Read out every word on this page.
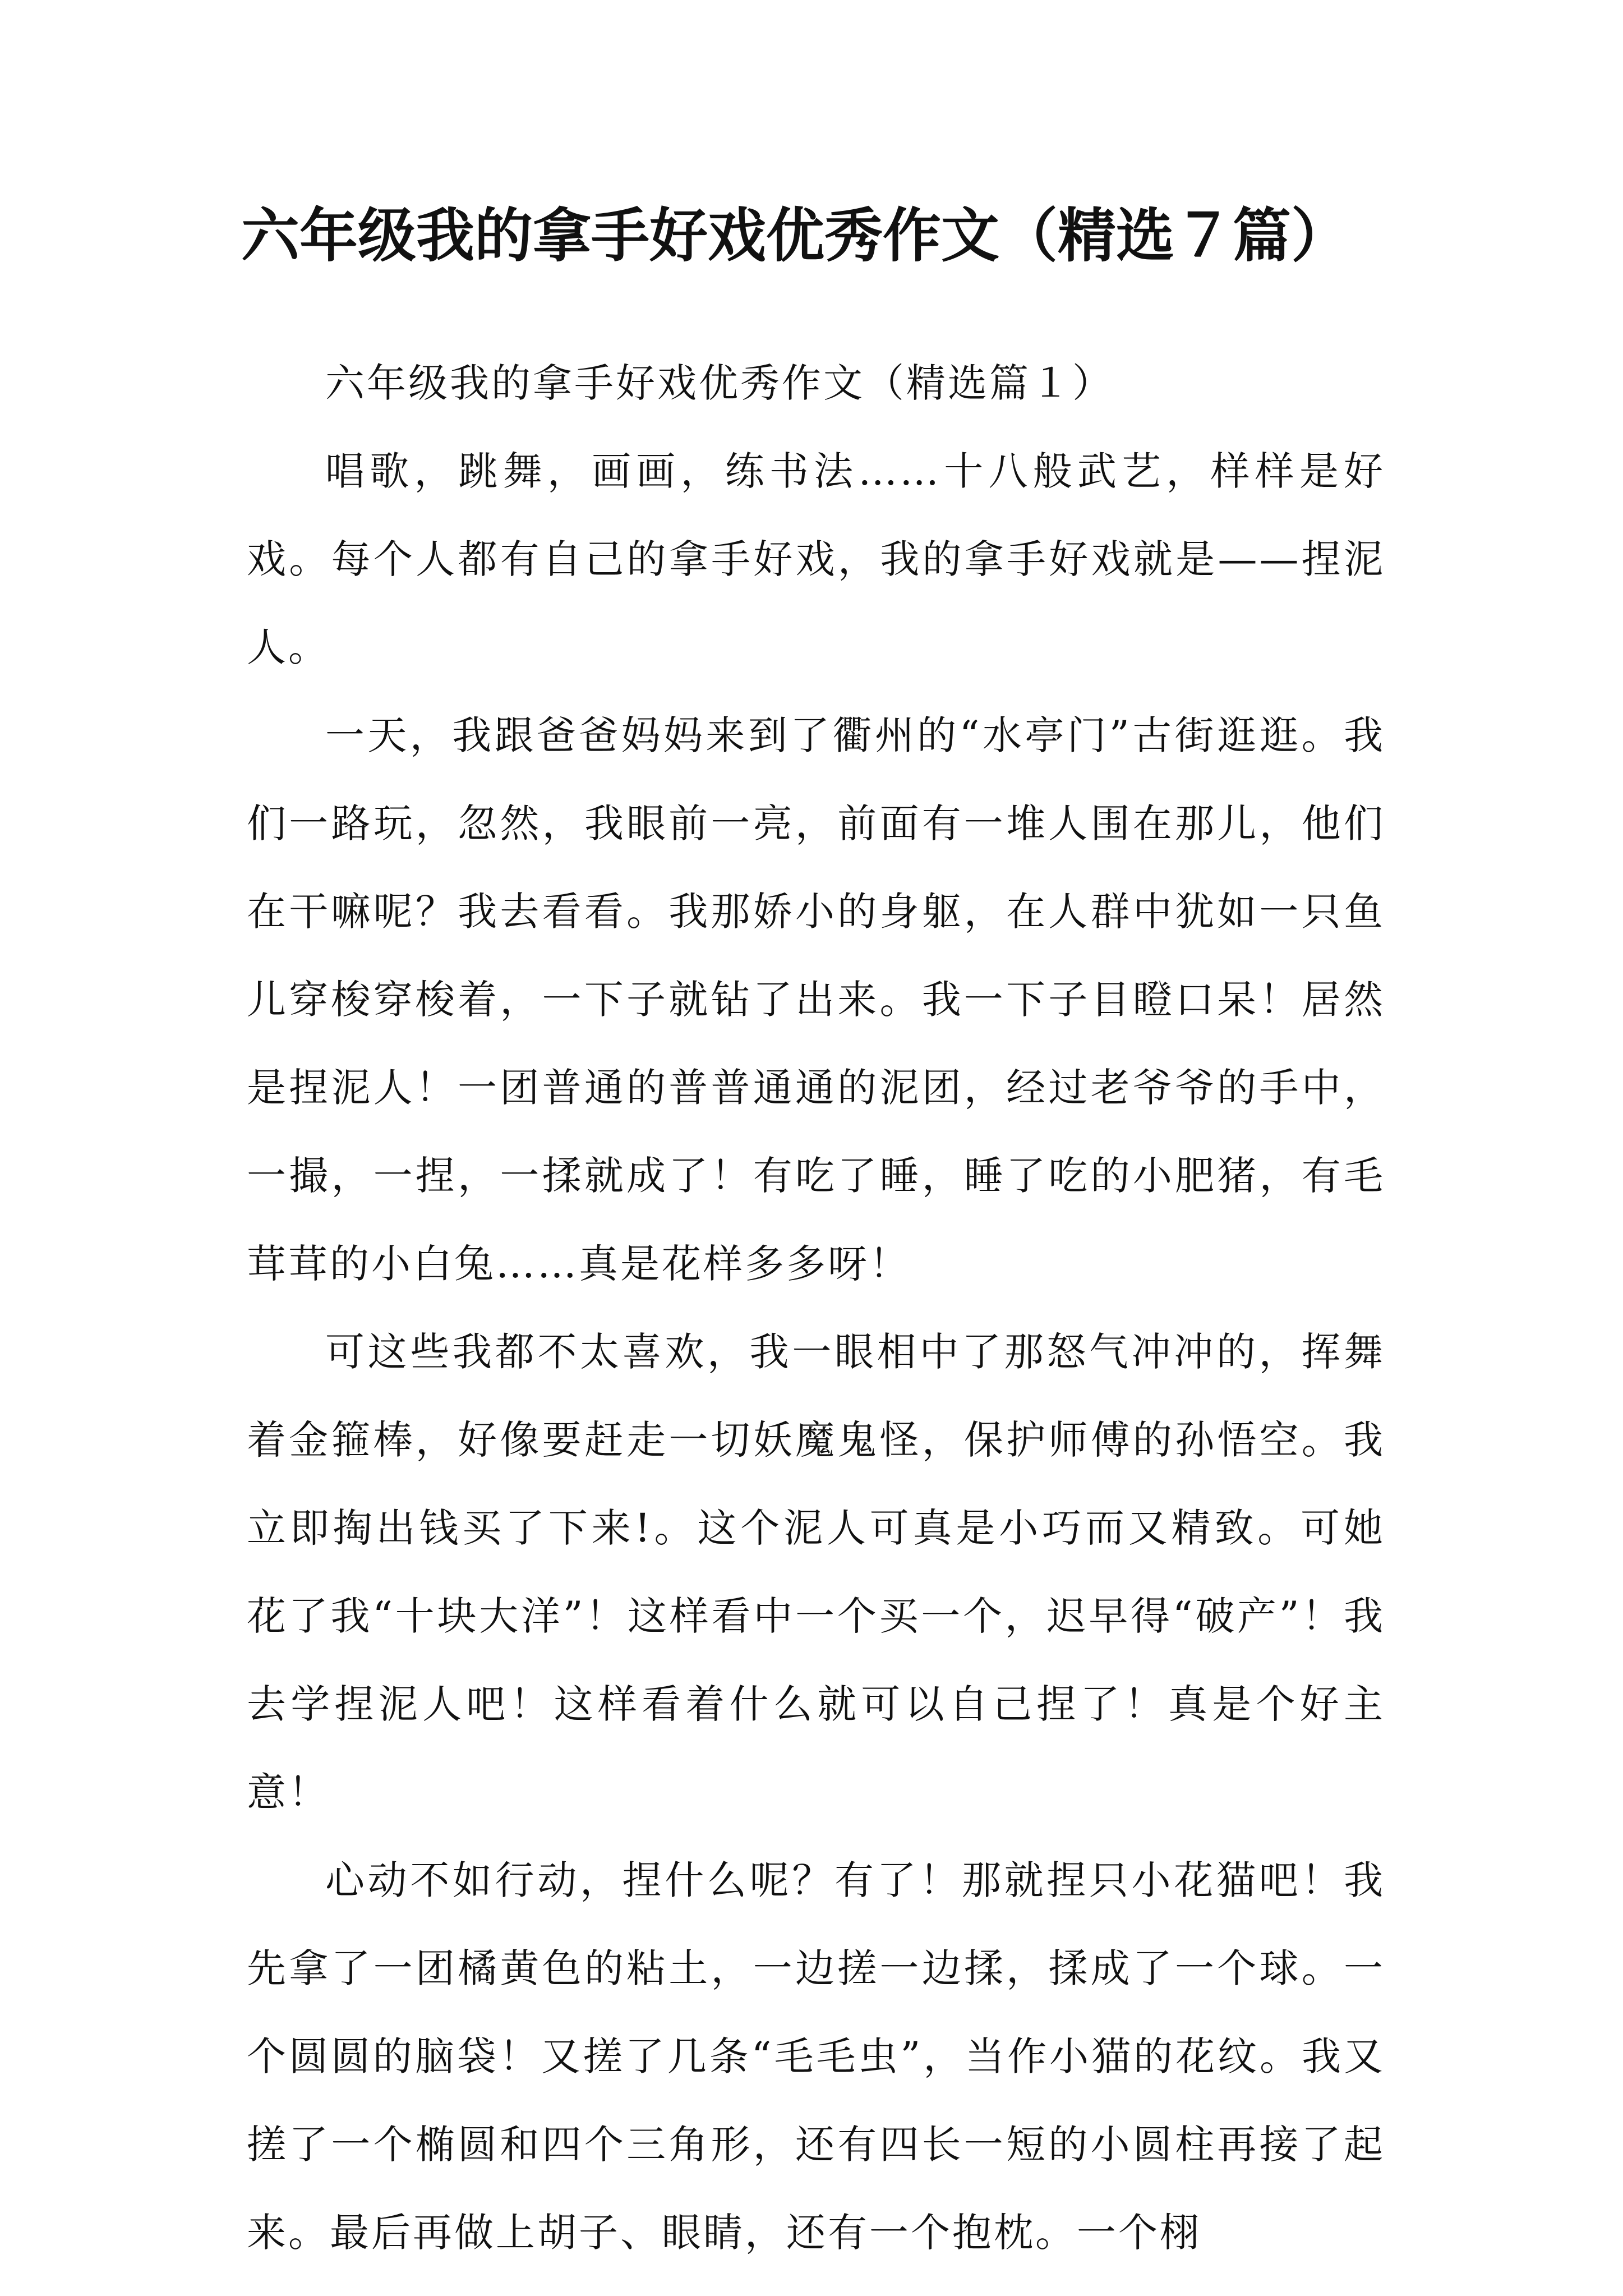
六年级我的拿手好戏优秀作文（精选７篇）

六年级我的拿手好戏优秀作文（精选篇１）

唱歌，跳舞，画画，练书法……十八般武艺，样样是好戏。每个人都有自己的拿手好戏，我的拿手好戏就是——捏泥人。

一天，我跟爸爸妈妈来到了衢州的“水亭门”古街逛逛。我们一路玩，忽然，我眼前一亮，前面有一堆人围在那儿，他们在干嘛呢？我去看看。我那娇小的身躯，在人群中犹如一只鱼儿穿梭穿梭着，一下子就钻了出来。我一下子目瞪口呆！居然是捏泥人！一团普通的普普通通的泥团，经过老爷爷的手中，一撮，一捏，一揉就成了！有吃了睡，睡了吃的小肥猪，有毛茸茸的小白兔……真是花样多多呀！

可这些我都不太喜欢，我一眼相中了那怒气冲冲的，挥舞着金箍棒，好像要赶走一切妖魔鬼怪，保护师傅的孙悟空。我立即掏出钱买了下来!。这个泥人可真是小巧而又精致。可她花了我“十块大洋”！这样看中一个买一个，迟早得“破产”！我去学捏泥人吧！这样看着什么就可以自己捏了！真是个好主意！

心动不如行动，捏什么呢？有了！那就捏只小花猫吧！我先拿了一团橘黄色的粘土，一边搓一边揉，揉成了一个球。一个圆圆的脑袋！又搓了几条“毛毛虫”，当作小猫的花纹。我又搓了一个椭圆和四个三角形，还有四长一短的小圆柱再接了起来。最后再做上胡子、眼睛，还有一个抱枕。一个栩
